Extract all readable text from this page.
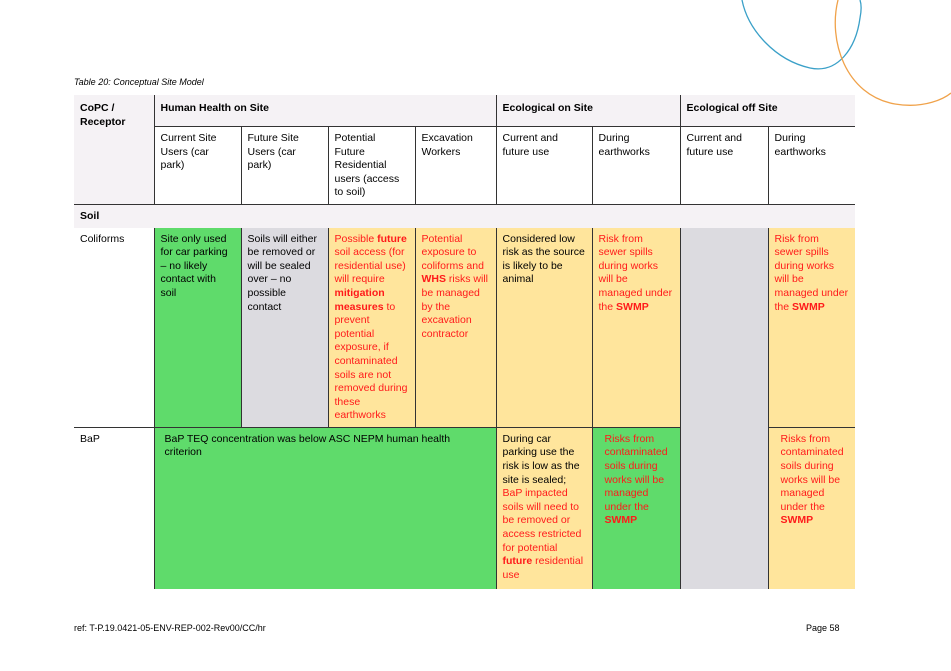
Table 20: Conceptual Site Model
CoPC / Receptor	Human Health on Site				Ecological on Site		Ecological off Site	
	Current Site Users (car park)	Future Site Users (car park)	Potential Future Residential users (access to soil)	Excavation Workers	Current and future use	During earthworks	Current and future use	During earthworks
Soil								
Coliforms	Site only used for car parking – no likely contact with soil	Soils will either be removed or will be sealed over – no possible contact	Possible future soil access (for residential use) will require mitigation measures to prevent potential exposure, if contaminated soils are not removed during these earthworks	Potential exposure to coliforms and WHS risks will be managed by the excavation contractor	Considered low risk as the source is likely to be animal	Risk from sewer spills during works will be managed under the SWMP		Risk from sewer spills during works will be managed under the SWMP
BaP	BaP TEQ concentration was below ASC NEPM human health criterion				During car parking use the risk is low as the site is sealed; BaP impacted soils will need to be removed or access restricted for potential future residential use	Risks from contaminated soils during works will be managed under the SWMP		Risks from contaminated soils during works will be managed under the SWMP
ref: T-P.19.0421-05-ENV-REP-002-Rev00/CC/hr	Page 58
